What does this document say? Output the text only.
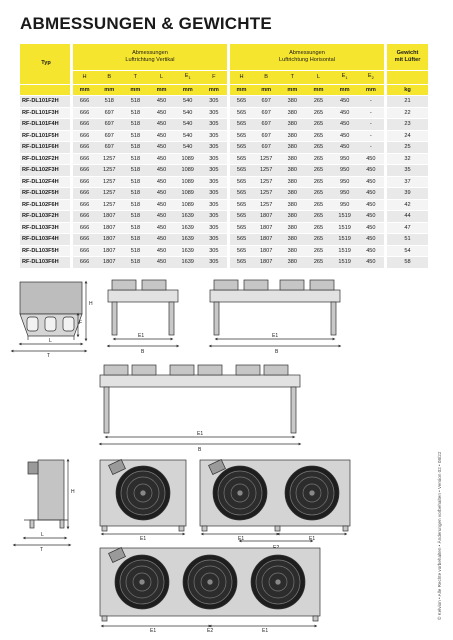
ABMESSUNGEN & GEWICHTE
Typ	Abmessungen
Luftrichtung Vertikal						Abmessungen
Luftrichtung Horisontal						Gewicht
mit Lüfter
	H	B	T	L	$E_1$	F	H	B	T	L	$E_1$	$E_2$	
	mm	mm	mm	mm	mm	mm	mm	mm	mm	mm	mm	mm	kg
RF-DL101F2H	666	518	518	450	540	305	565	697	380	265	450	-	21
RF-DL101F3H	666	697	518	450	540	305	565	697	380	265	450	-	22
RF-DL101F4H	666	697	518	450	540	305	565	697	380	265	450	-	23
RF-DL101F5H	666	697	518	450	540	305	565	697	380	265	450	-	24
RF-DL101F6H	666	697	518	450	540	305	565	697	380	265	450	-	25
RF-DL102F2H	666	1257	518	450	1089	305	565	1257	380	265	950	450	32
RF-DL102F3H	666	1257	518	450	1089	305	565	1257	380	265	950	450	35
RF-DL102F4H	666	1257	518	450	1089	305	565	1257	380	265	950	450	37
RF-DL102F5H	666	1257	518	450	1089	305	565	1257	380	265	950	450	39
RF-DL102F6H	666	1257	518	450	1089	305	565	1257	380	265	950	450	42
RF-DL103F2H	666	1807	518	450	1639	305	565	1807	380	265	1519	450	44
RF-DL103F3H	666	1807	518	450	1639	305	565	1807	380	265	1519	450	47
RF-DL103F4H	666	1807	518	450	1639	305	565	1807	380	265	1519	450	51
RF-DL103F5H	666	1807	518	450	1639	305	565	1807	380	265	1519	450	54
RF-DL103F6H	666	1807	518	450	1639	305	565	1807	380	265	1519	450	58
H
F
L
T
E1
B
E1
B
E1
B
H
L
T
E1	E1	E1
E1	E2	E1
© Kelvion • Alle Rechte vorbehalten • Änderungen vorbehalten • Version 02 • 08/22
